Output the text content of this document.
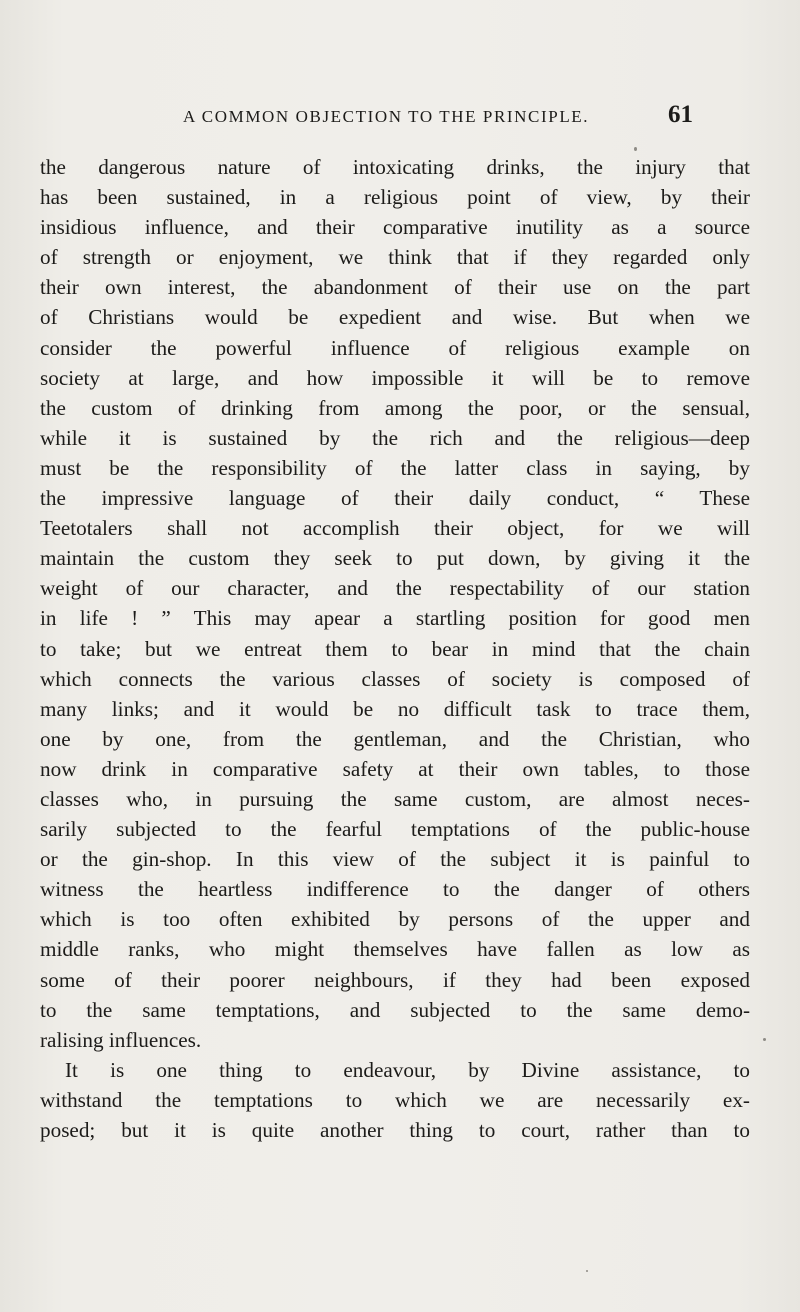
A COMMON OBJECTION TO THE PRINCIPLE.	61
the dangerous nature of intoxicating drinks, the injury that
has been sustained, in a religious point of view, by their
insidious influence, and their comparative inutility as a source
of strength or enjoyment, we think that if they regarded only
their own interest, the abandonment of their use on the part
of Christians would be expedient and wise. But when we
consider the powerful influence of religious example on
society at large, and how impossible it will be to remove
the custom of drinking from among the poor, or the sensual,
while it is sustained by the rich and the religious—deep
must be the responsibility of the latter class in saying, by
the impressive language of their daily conduct, “ These
Teetotalers shall not accomplish their object, for we will
maintain the custom they seek to put down, by giving it the
weight of our character, and the respectability of our station
in life ! ” This may apear a startling position for good men
to take; but we entreat them to bear in mind that the chain
which connects the various classes of society is composed of
many links; and it would be no difficult task to trace them,
one by one, from the gentleman, and the Christian, who
now drink in comparative safety at their own tables, to those
classes who, in pursuing the same custom, are almost neces-
sarily subjected to the fearful temptations of the public-house
or the gin-shop. In this view of the subject it is painful to
witness the heartless indifference to the danger of others
which is too often exhibited by persons of the upper and
middle ranks, who might themselves have fallen as low as
some of their poorer neighbours, if they had been exposed
to the same temptations, and subjected to the same demo-
ralising influences.
It is one thing to endeavour, by Divine assistance, to
withstand the temptations to which we are necessarily ex-
posed; but it is quite another thing to court, rather than to
